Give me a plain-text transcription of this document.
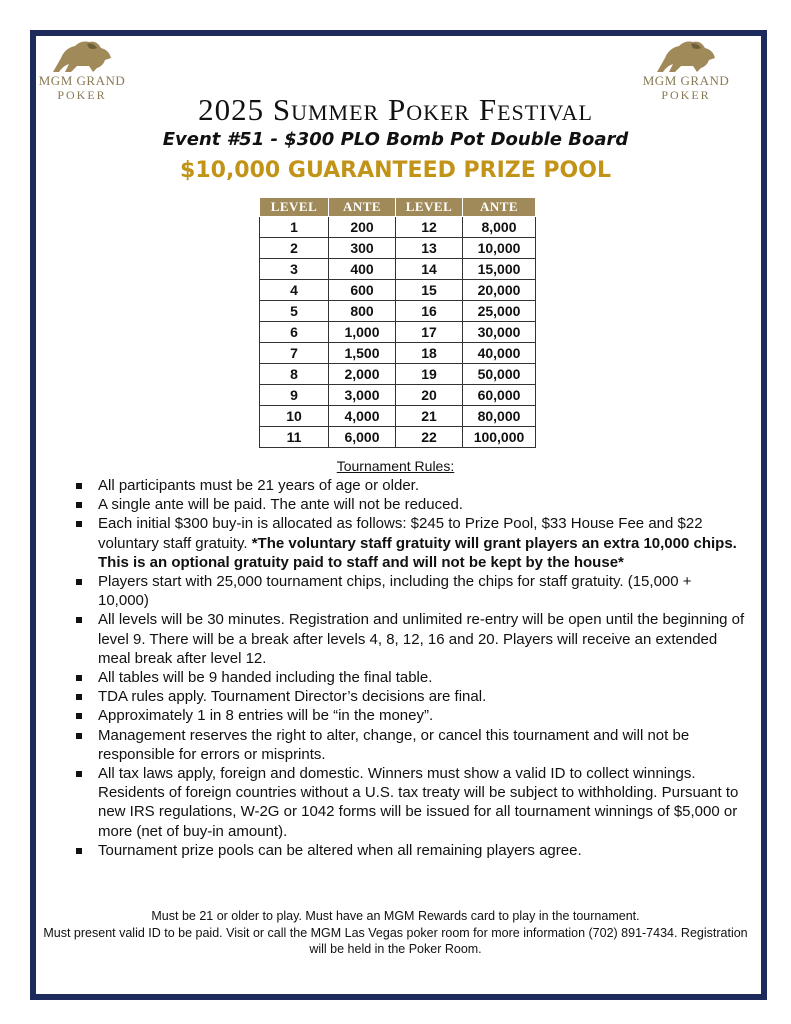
MGM GRAND
POKER
MGM GRAND
POKER
2025 Summer Poker Festival
Event #51 - $300 PLO Bomb Pot Double Board
$10,000 GUARANTEED PRIZE POOL
LEVEL	ANTE	LEVEL	ANTE
1	200	12	8,000
2	300	13	10,000
3	400	14	15,000
4	600	15	20,000
5	800	16	25,000
6	1,000	17	30,000
7	1,500	18	40,000
8	2,000	19	50,000
9	3,000	20	60,000
10	4,000	21	80,000
11	6,000	22	100,000
Tournament Rules:
All participants must be 21 years of age or older.
A single ante will be paid. The ante will not be reduced.
Each initial $300 buy-in is allocated as follows: $245 to Prize Pool, $33 House Fee and $22 voluntary staff gratuity. *The voluntary staff gratuity will grant players an extra 10,000 chips. This is an optional gratuity paid to staff and will not be kept by the house*
Players start with 25,000 tournament chips, including the chips for staff gratuity. (15,000 + 10,000)
All levels will be 30 minutes. Registration and unlimited re-entry will be open until the beginning of level 9. There will be a break after levels 4, 8, 12, 16 and 20. Players will receive an extended meal break after level 12.
All tables will be 9 handed including the final table.
TDA rules apply. Tournament Director’s decisions are final.
Approximately 1 in 8 entries will be “in the money”.
Management reserves the right to alter, change, or cancel this tournament and will not be responsible for errors or misprints.
All tax laws apply, foreign and domestic. Winners must show a valid ID to collect winnings. Residents of foreign countries without a U.S. tax treaty will be subject to withholding. Pursuant to new IRS regulations, W-2G or 1042 forms will be issued for all tournament winnings of $5,000 or more (net of buy-in amount).
Tournament prize pools can be altered when all remaining players agree.
Must be 21 or older to play. Must have an MGM Rewards card to play in the tournament.
Must present valid ID to be paid. Visit or call the MGM Las Vegas poker room for more information (702) 891-7434. Registration will be held in the Poker Room.
